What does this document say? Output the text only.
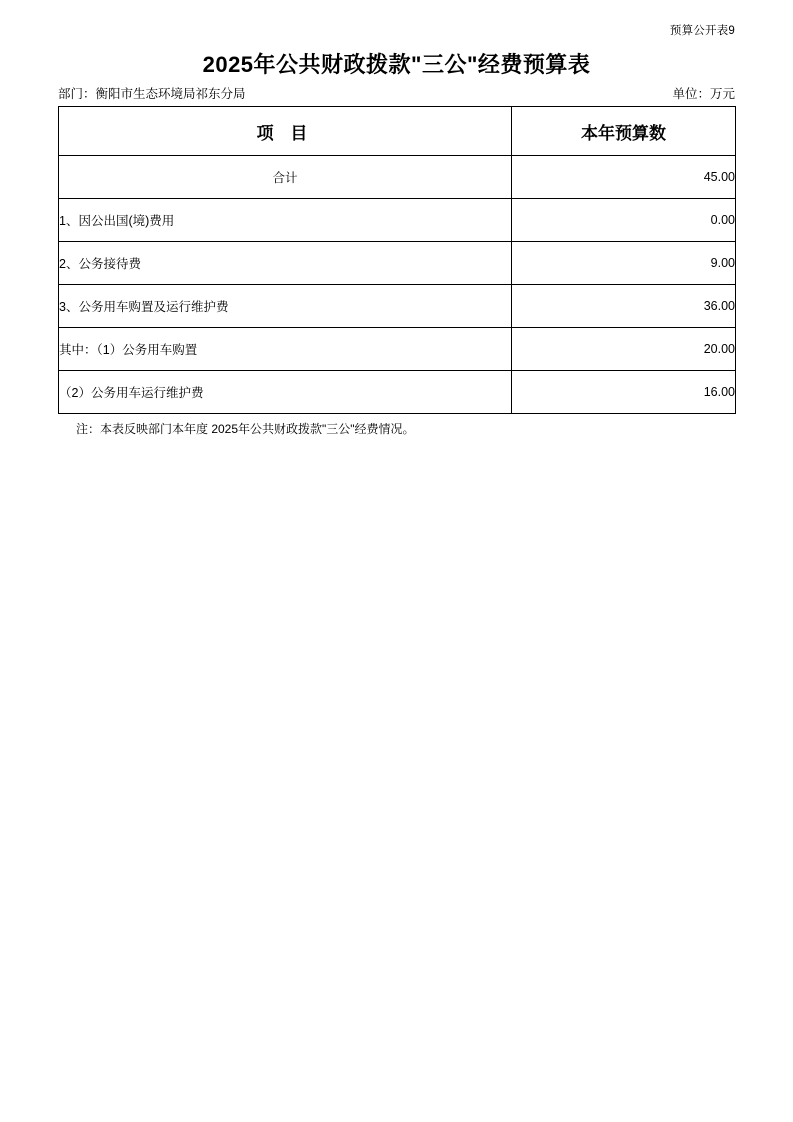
预算公开表9
2025年公共财政拨款"三公"经费预算表
部门：衡阳市生态环境局祁东分局	单位：万元
项 目	本年预算数
合计	45.00
1、因公出国(境)费用	0.00
2、公务接待费	9.00
3、公务用车购置及运行维护费	36.00
其中：（1）公务用车购置	20.00
（2）公务用车运行维护费	16.00
注：本表反映部门本年度 2025年公共财政拨款"三公"经费情况。
